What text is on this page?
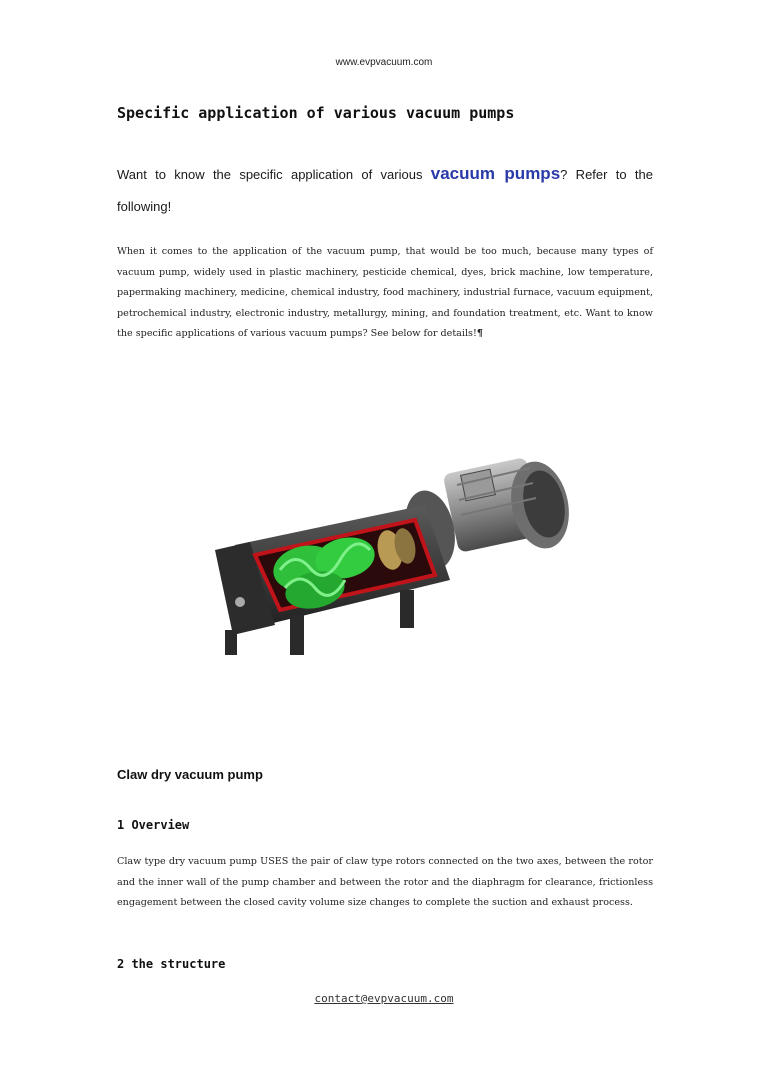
www.evpvacuum.com
Specific application of various vacuum pumps
Want to know the specific application of various vacuum pumps? Refer to the following!
When it comes to the application of the vacuum pump, that would be too much, because many types of vacuum pump, widely used in plastic machinery, pesticide chemical, dyes, brick machine, low temperature, papermaking machinery, medicine, chemical industry, food machinery, industrial furnace, vacuum equipment, petrochemical industry, electronic industry, metallurgy, mining, and foundation treatment, etc. Want to know the specific applications of various vacuum pumps? See below for details!¶
Claw dry vacuum pump
1 Overview
Claw type dry vacuum pump USES the pair of claw type rotors connected on the two axes, between the rotor and the inner wall of the pump chamber and between the rotor and the diaphragm for clearance, frictionless engagement between the closed cavity volume size changes to complete the suction and exhaust process.
2 the structure
contact@evpvacuum.com
